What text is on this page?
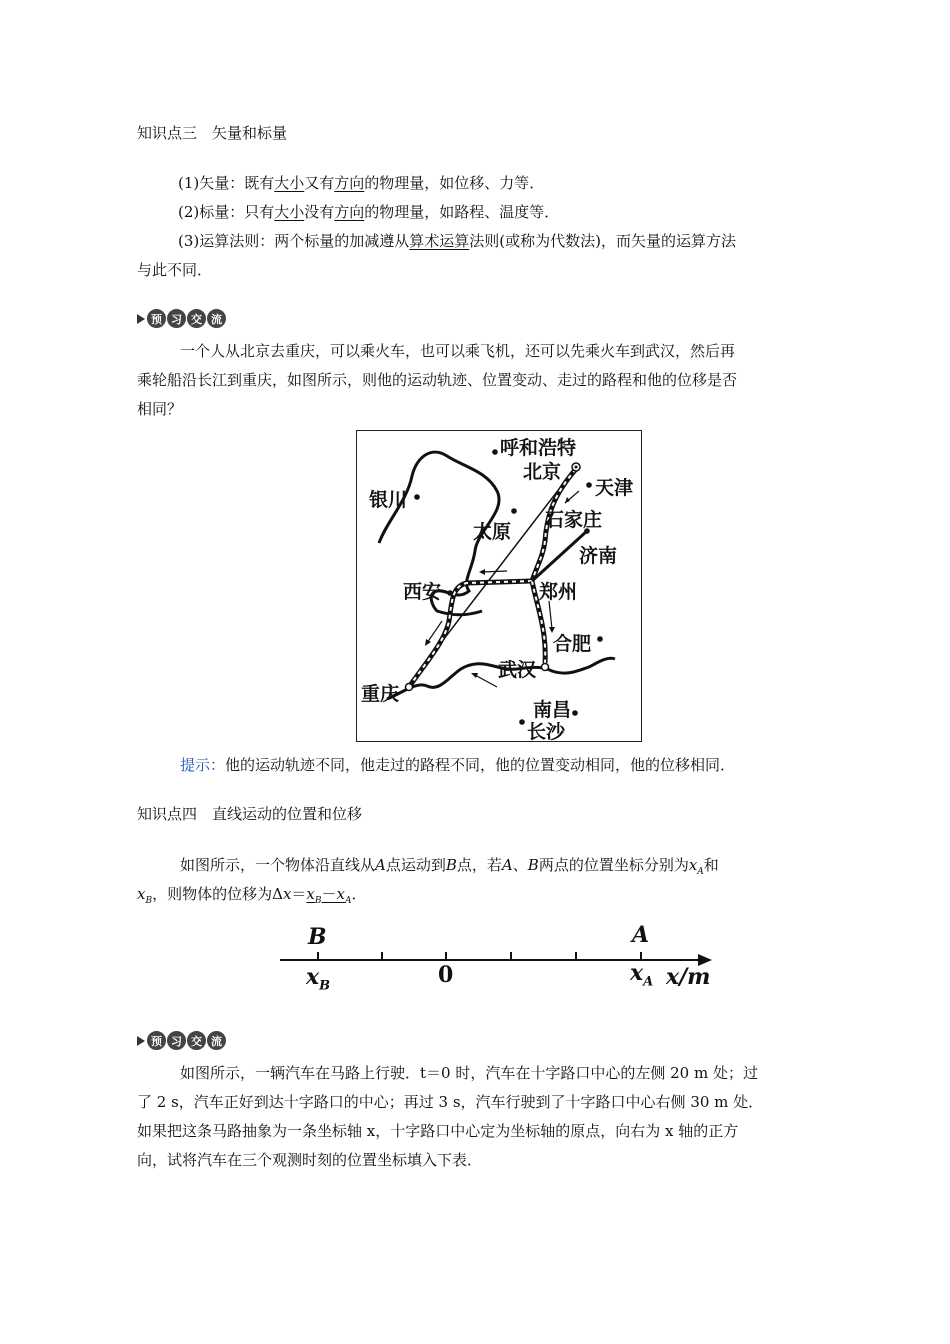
知识点三　矢量和标量
(1)矢量：既有大小又有方向的物理量，如位移、力等．
(2)标量：只有大小没有方向的物理量，如路程、温度等．
(3)运算法则：两个标量的加减遵从算术运算法则(或称为代数法)，而矢量的运算方法
与此不同．
预 习 交 流
一个人从北京去重庆，可以乘火车，也可以乘飞机，还可以先乘火车到武汉，然后再
乘轮船沿长江到重庆，如图所示，则他的运动轨迹、位置变动、走过的路程和他的位移是否
相同？
呼和浩特
北京
天津
银川
太原
石家庄
济南
西安	郑州
合肥
武汉
重庆
南昌
长沙
提示：他的运动轨迹不同，他走过的路程不同，他的位置变动相同，他的位移相同．
知识点四　直线运动的位置和位移
如图所示，一个物体沿直线从A点运动到B点，若A、B两点的位置坐标分别为$x_A$和
$x_B$，则物体的位移为$\Delta x=x_B-x_A$．
B	A
0
$x_B$	$x_A$ x/m
预 习 交 流
如图所示，一辆汽车在马路上行驶．t＝0 时，汽车在十字路口中心的左侧 20 m 处；过
了 2 s，汽车正好到达十字路口的中心；再过 3 s，汽车行驶到了十字路口中心右侧 30 m 处．
如果把这条马路抽象为一条坐标轴 x，十字路口中心定为坐标轴的原点，向右为 x 轴的正方
向，试将汽车在三个观测时刻的位置坐标填入下表．
